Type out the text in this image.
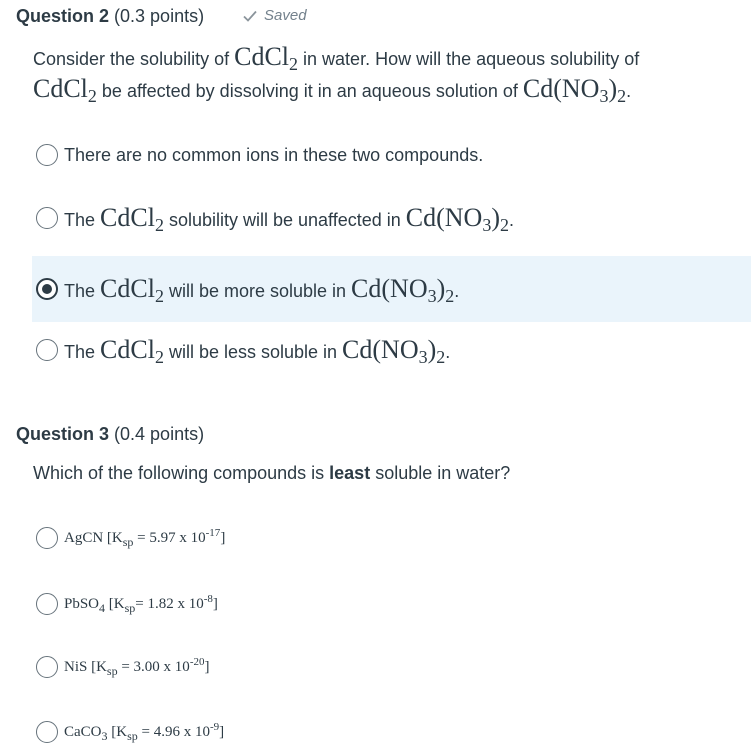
Question 2 (0.3 points)	Saved
Consider the solubility of CdCl$_2$ in water. How will the aqueous solubility of
CdCl$_2$ be affected by dissolving it in an aqueous solution of $Cd(NO_3)_2$.
There are no common ions in these two compounds.
The CdCl$_2$ solubility will be unaffected in $Cd(NO_3)_2$.
The CdCl$_2$ will be more soluble in $Cd(NO_3)_2$.
The CdCl$_2$ will be less soluble in $Cd(NO_3)_2$.
Question 3 (0.4 points)
Which of the following compounds is least soluble in water?
AgCN [$K_{sp} = 5.97$ x $10^{-17}$]
PbSO$_4$ [$K_{sp}= 1.82$ x $10^{-8}$]
NiS [$K_{sp} = 3.00$ x $10^{-20}$]
CaCO$_3$ [$K_{sp} = 4.96$ x $10^{-9}$]
